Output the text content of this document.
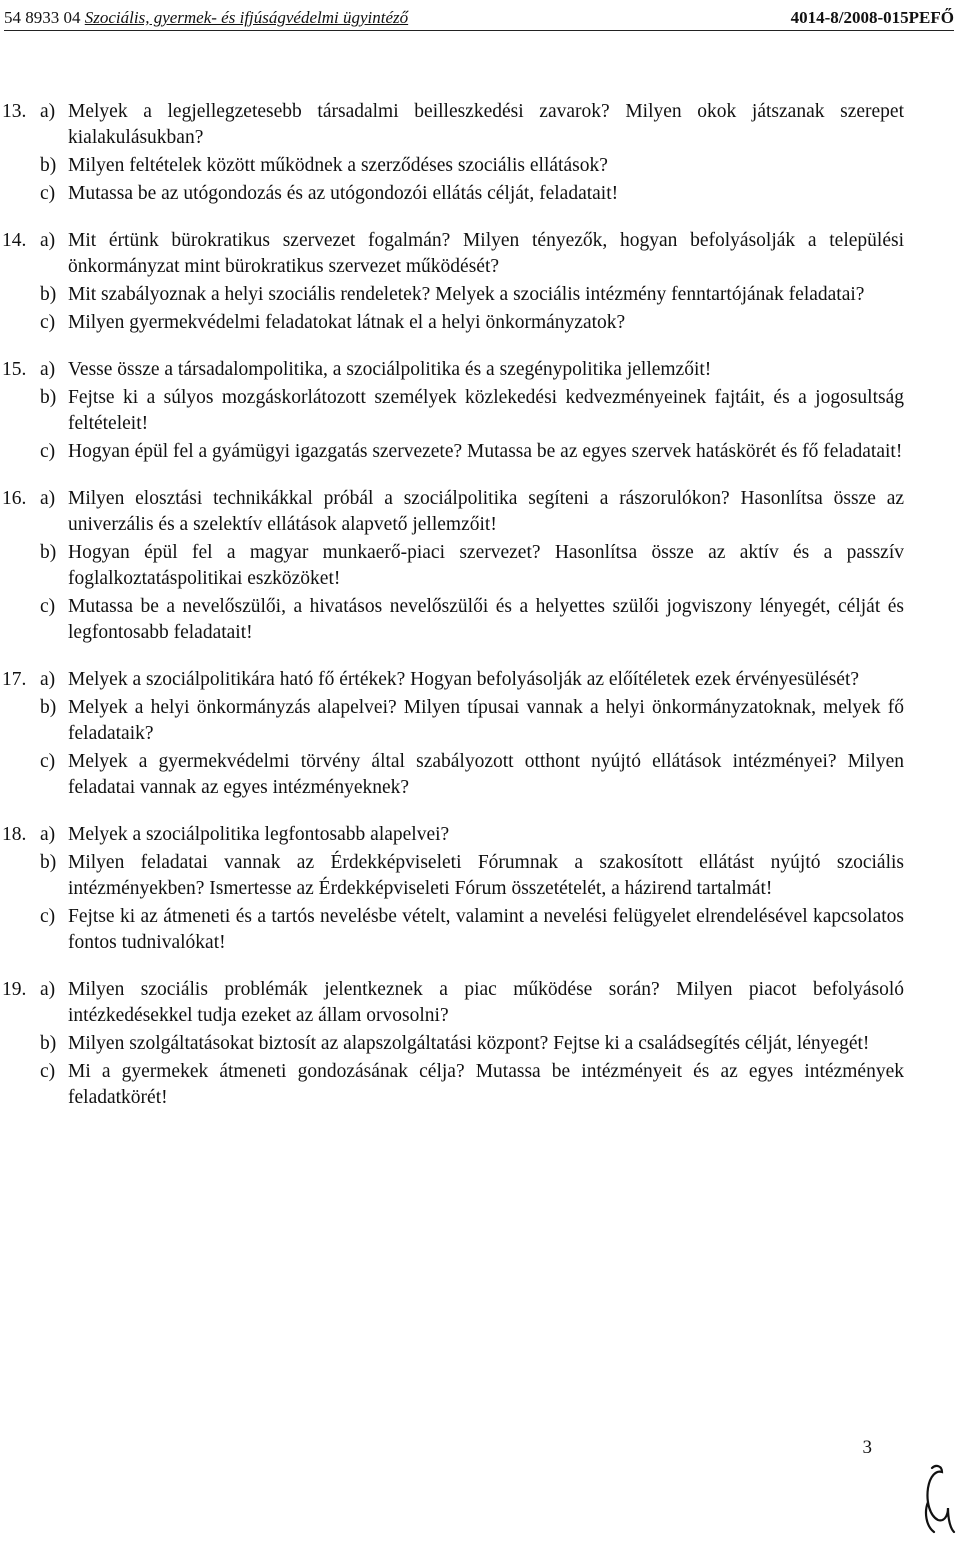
54 8933 04 Szociális, gyermek- és ifjúságvédelmi ügyintéző	4014-8/2008-015PEFŐ
13. a) Melyek a legjellegzetesebb társadalmi beilleszkedési zavarok? Milyen okok játszanak szerepet kialakulásukban?
b) Milyen feltételek között működnek a szerződéses szociális ellátások?
c) Mutassa be az utógondozás és az utógondozói ellátás célját, feladatait!
14. a) Mit értünk bürokratikus szervezet fogalmán? Milyen tényezők, hogyan befolyásolják a települési önkormányzat mint bürokratikus szervezet működését?
b) Mit szabályoznak a helyi szociális rendeletek? Melyek a szociális intézmény fenntartójának feladatai?
c) Milyen gyermekvédelmi feladatokat látnak el a helyi önkormányzatok?
15. a) Vesse össze a társadalompolitika, a szociálpolitika és a szegénypolitika jellemzőit!
b) Fejtse ki a súlyos mozgáskorlátozott személyek közlekedési kedvezményeinek fajtáit, és a jogosultság feltételeit!
c) Hogyan épül fel a gyámügyi igazgatás szervezete? Mutassa be az egyes szervek hatáskörét és fő feladatait!
16. a) Milyen elosztási technikákkal próbál a szociálpolitika segíteni a rászorulókon? Hasonlítsa össze az univerzális és a szelektív ellátások alapvető jellemzőit!
b) Hogyan épül fel a magyar munkaerő-piaci szervezet? Hasonlítsa össze az aktív és a passzív foglalkoztatáspolitikai eszközöket!
c) Mutassa be a nevelőszülői, a hivatásos nevelőszülői és a helyettes szülői jogviszony lényegét, célját és legfontosabb feladatait!
17. a) Melyek a szociálpolitikára ható fő értékek? Hogyan befolyásolják az előítéletek ezek érvényesülését?
b) Melyek a helyi önkormányzás alapelvei? Milyen típusai vannak a helyi önkormányzatoknak, melyek fő feladataik?
c) Melyek a gyermekvédelmi törvény által szabályozott otthont nyújtó ellátások intézményei? Milyen feladatai vannak az egyes intézményeknek?
18. a) Melyek a szociálpolitika legfontosabb alapelvei?
b) Milyen feladatai vannak az Érdekképviseleti Fórumnak a szakosított ellátást nyújtó szociális intézményekben? Ismertesse az Érdekképviseleti Fórum összetételét, a házirend tartalmát!
c) Fejtse ki az átmeneti és a tartós nevelésbe vételt, valamint a nevelési felügyelet elrendelésével kapcsolatos fontos tudnivalókat!
19. a) Milyen szociális problémák jelentkeznek a piac működése során? Milyen piacot befolyásoló intézkedésekkel tudja ezeket az állam orvosolni?
b) Milyen szolgáltatásokat biztosít az alapszolgáltatási központ? Fejtse ki a családsegítés célját, lényegét!
c) Mi a gyermekek átmeneti gondozásának célja? Mutassa be intézményeit és az egyes intézmények feladatkörét!
3
